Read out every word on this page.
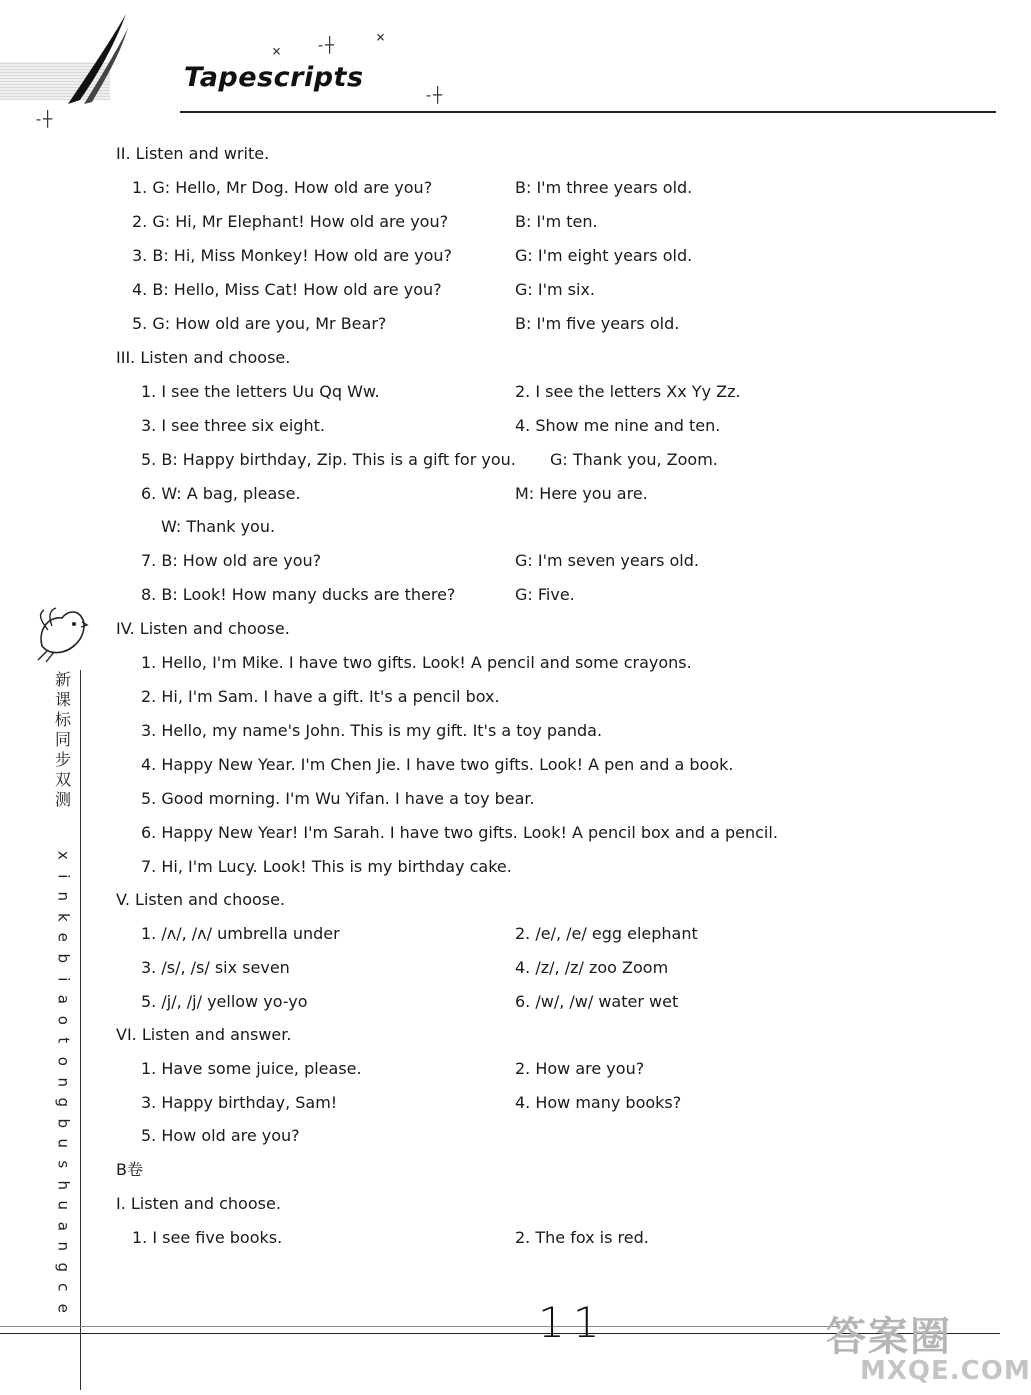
Tapescripts
× -┼	×
-┼
-┼
新
课
标
同
步
双
测
x
i
n
k
e
b
i
a
o
t
o
n
g
b
u
s
h
u
a
n
g
c
e
II. Listen and write.
1. G: Hello, Mr Dog. How old are you?	B: I'm three years old.
2. G: Hi, Mr Elephant! How old are you?	B: I'm ten.
3. B: Hi, Miss Monkey! How old are you?	G: I'm eight years old.
4. B: Hello, Miss Cat! How old are you?	G: I'm six.
5. G: How old are you, Mr Bear?	B: I'm five years old.
III. Listen and choose.
1. I see the letters Uu Qq Ww.	2. I see the letters Xx Yy Zz.
3. I see three six eight.	4. Show me nine and ten.
5. B: Happy birthday, Zip. This is a gift for you. G: Thank you, Zoom.
6. W: A bag, please.	M: Here you are.
W: Thank you.
7. B: How old are you?	G: I'm seven years old.
8. B: Look! How many ducks are there?	G: Five.
IV. Listen and choose.
1. Hello, I'm Mike. I have two gifts. Look! A pencil and some crayons.
2. Hi, I'm Sam. I have a gift. It's a pencil box.
3. Hello, my name's John. This is my gift. It's a toy panda.
4. Happy New Year. I'm Chen Jie. I have two gifts. Look! A pen and a book.
5. Good morning. I'm Wu Yifan. I have a toy bear.
6. Happy New Year! I'm Sarah. I have two gifts. Look! A pencil box and a pencil.
7. Hi, I'm Lucy. Look! This is my birthday cake.
V. Listen and choose.
1. /ʌ/, /ʌ/ umbrella under	2. /e/, /e/ egg elephant
3. /s/, /s/ six seven	4. /z/, /z/ zoo Zoom
5. /j/, /j/ yellow yo-yo	6. /w/, /w/ water wet
VI. Listen and answer.
1. Have some juice, please.	2. How are you?
3. Happy birthday, Sam!	4. How many books?
5. How old are you?
B卷
I. Listen and choose.
1. I see five books.	2. The fox is red.
11	答案圈
MXQE.COM
